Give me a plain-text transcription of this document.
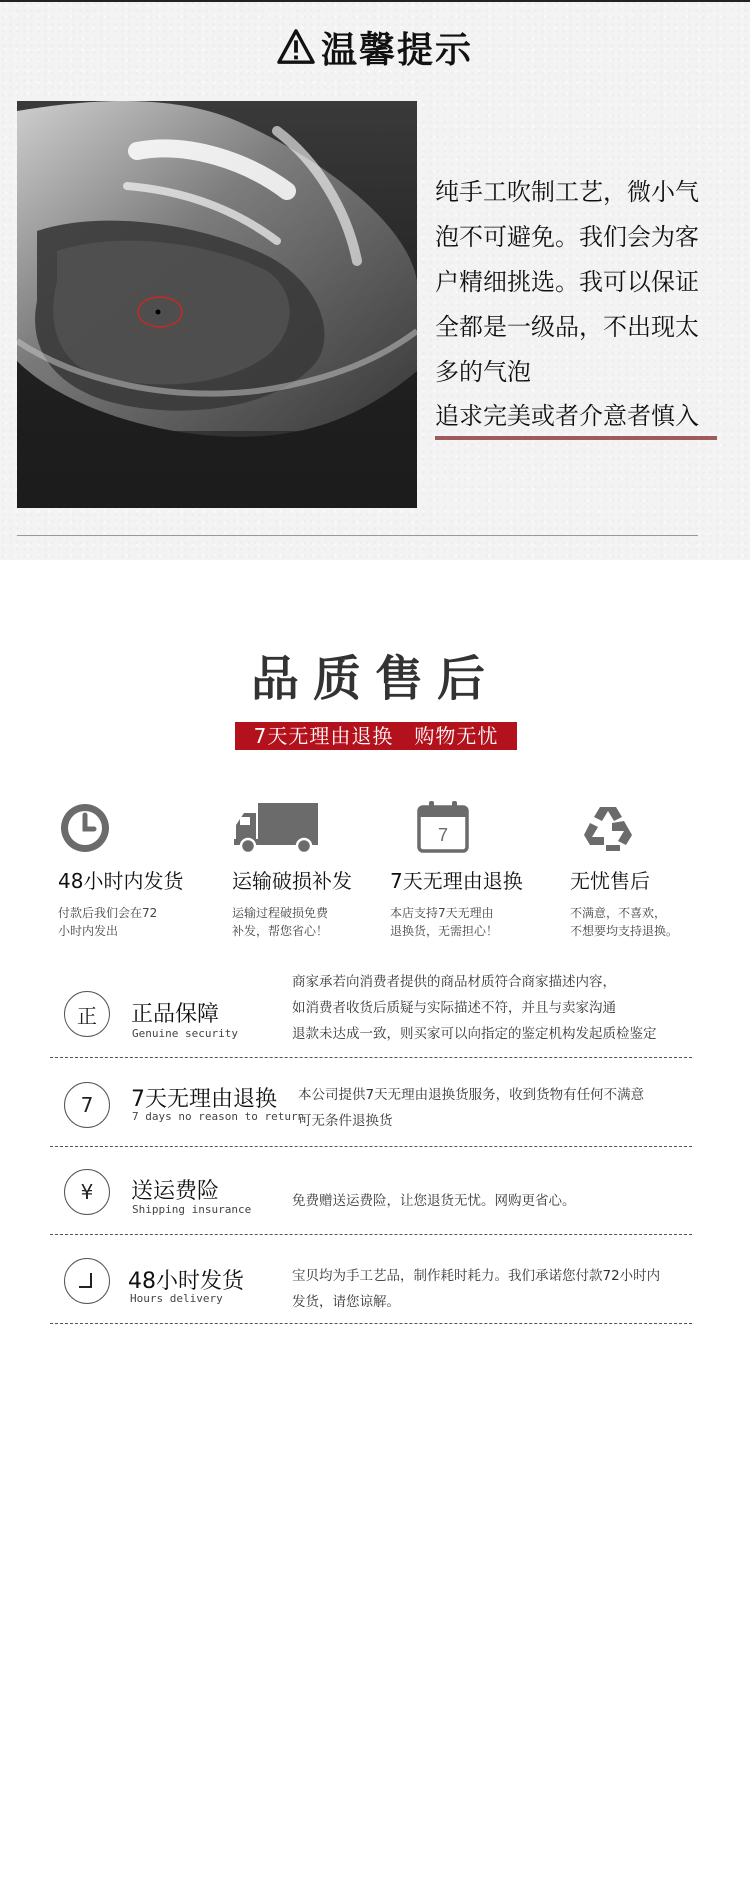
温馨提示

纯手工吹制工艺，微小气

泡不可避免。我们会为客

户精细挑选。我可以保证

全都是一级品，不出现太

多的气泡

追求完美或者介意者慎入
品质售后
7天无理由退换　购物无忧
48小时内发货
付款后我们会在72
小时内发出
运输破损补发
运输过程破损免费
补发，帮您省心！
7
7天无理由退换
本店支持7天无理由
退换货，无需担心！
无忧售后
不满意，不喜欢，
不想要均支持退换。
正	正品保障
Genuine security
商家承若向消费者提供的商品材质符合商家描述内容，
如消费者收货后质疑与实际描述不符，并且与卖家沟通
退款未达成一致，则买家可以向指定的鉴定机构发起质检鉴定
7	7天无理由退换
7 days no reason to return
本公司提供7天无理由退换货服务，收到货物有任何不满意
可无条件退换货
¥	送运费险
Shipping insurance
免费赠送运费险，让您退货无忧。网购更省心。
48小时发货
Hours delivery
宝贝均为手工艺品，制作耗时耗力。我们承诺您付款72小时内
发货，请您谅解。
